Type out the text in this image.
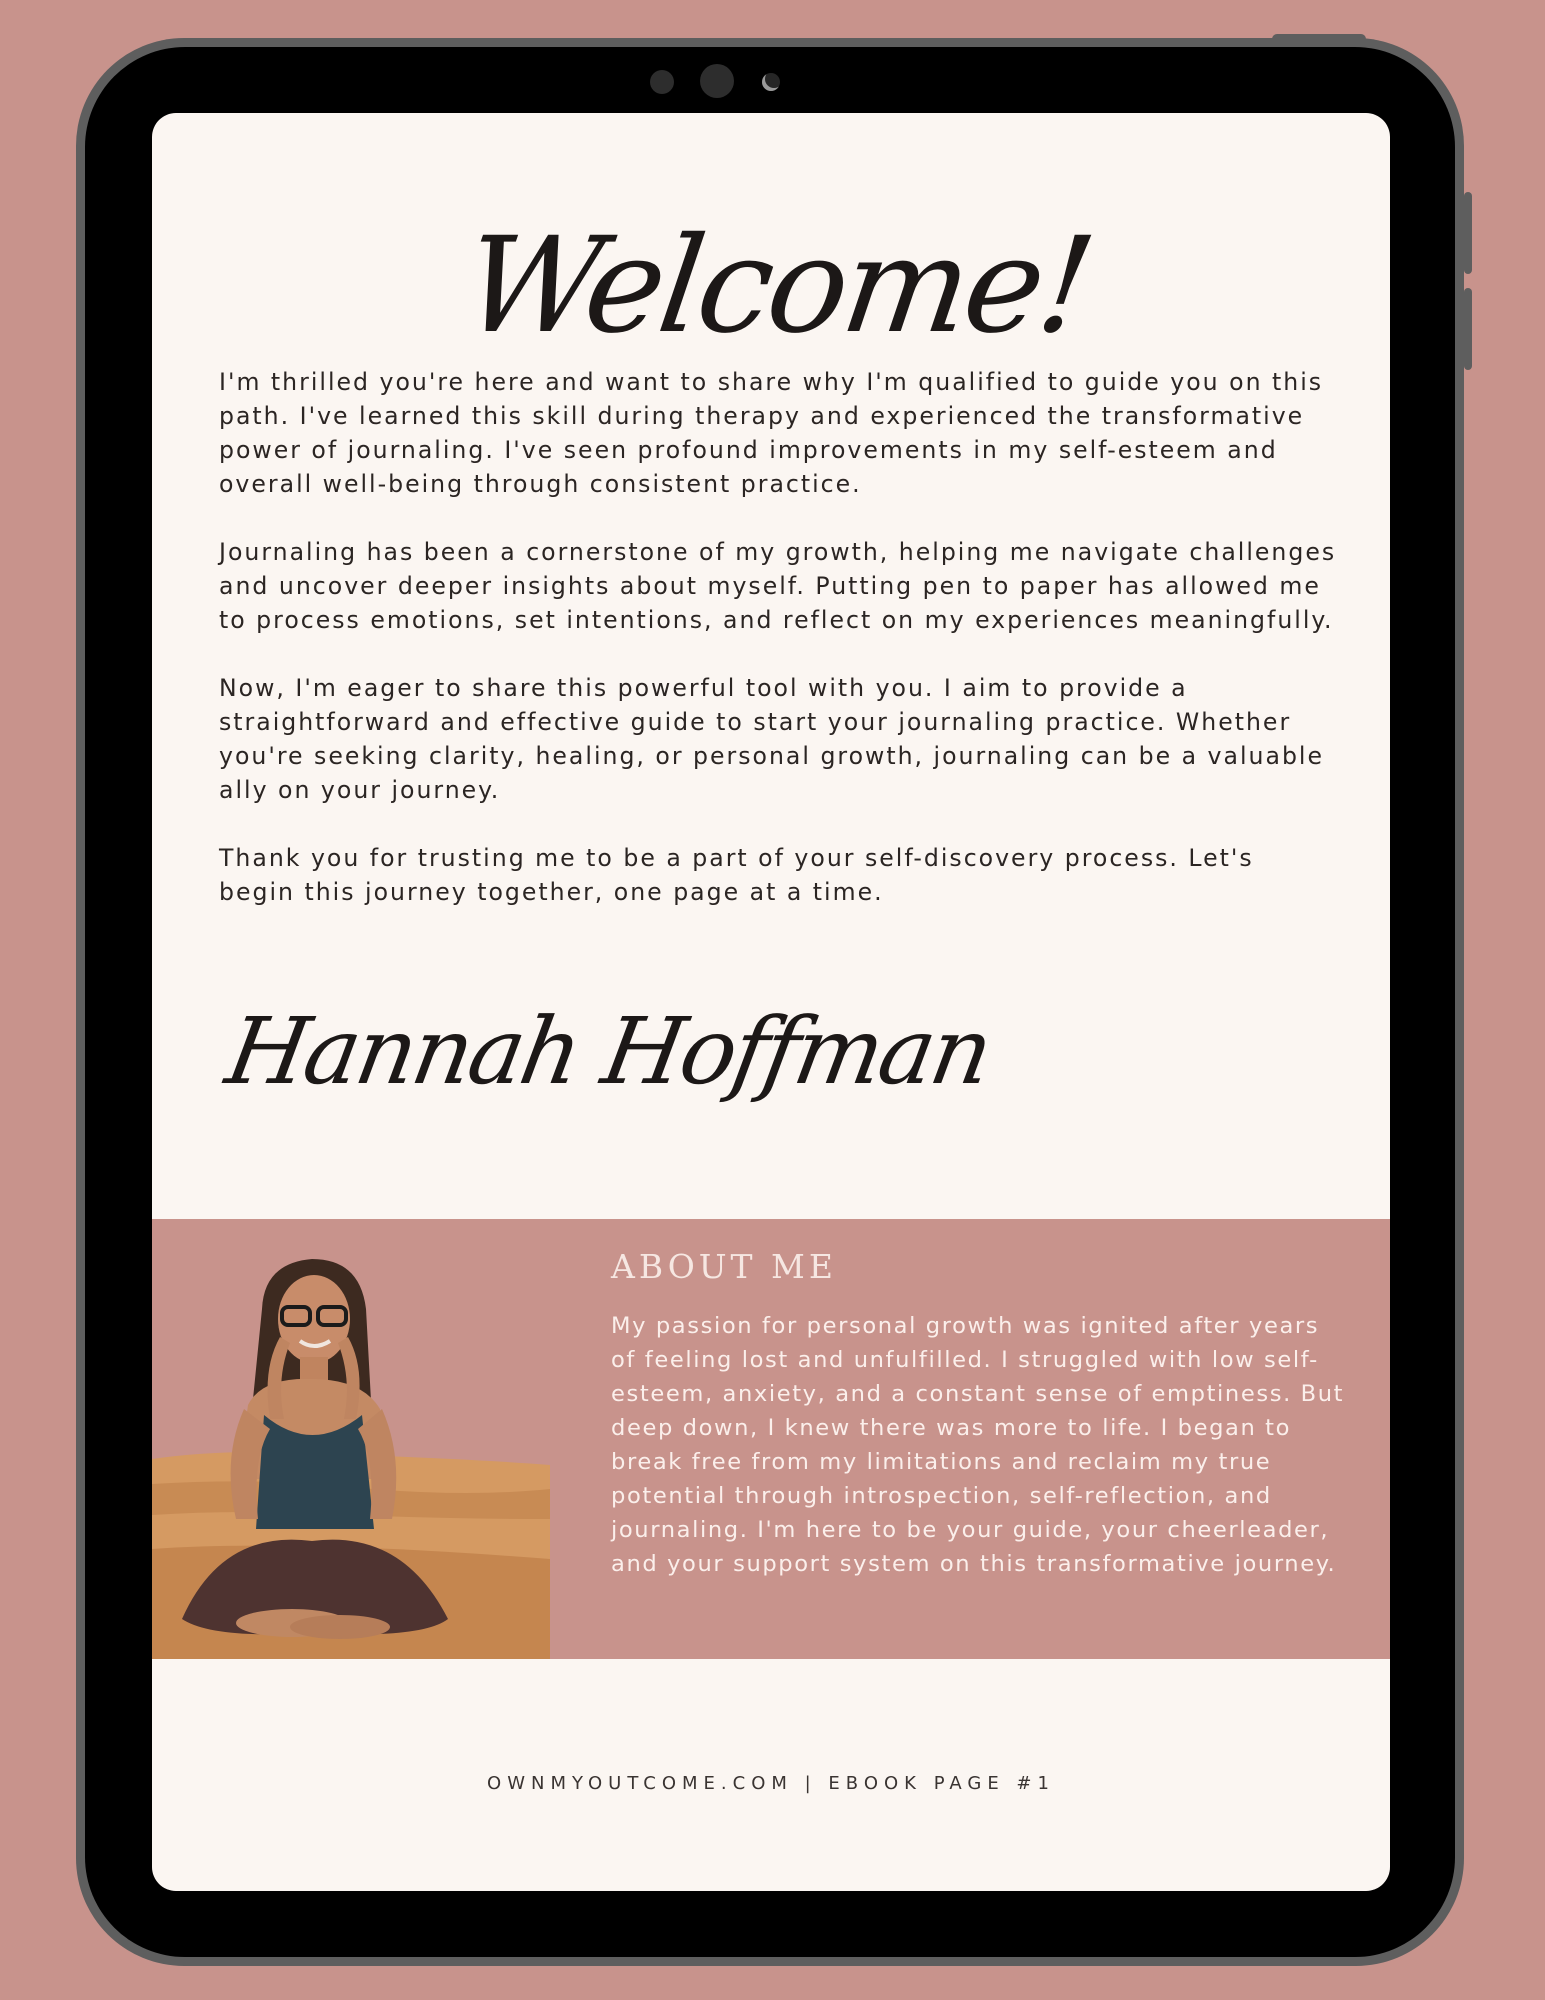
Welcome!

I'm thrilled you're here and want to share why I'm qualified to guide you on this path. I've learned this skill during therapy and experienced the transformative power of journaling. I've seen profound improvements in my self-esteem and overall well-being through consistent practice.

Journaling has been a cornerstone of my growth, helping me navigate challenges and uncover deeper insights about myself. Putting pen to paper has allowed me to process emotions, set intentions, and reflect on my experiences meaningfully.

Now, I'm eager to share this powerful tool with you. I aim to provide a straightforward and effective guide to start your journaling practice. Whether you're seeking clarity, healing, or personal growth, journaling can be a valuable ally on your journey.

Thank you for trusting me to be a part of your self-discovery process. Let's begin this journey together, one page at a time.

Hannah Hoffman
ABOUT ME
My passion for personal growth was ignited after years of feeling lost and unfulfilled. I struggled with low self-esteem, anxiety, and a constant sense of emptiness. But deep down, I knew there was more to life. I began to break free from my limitations and reclaim my true potential through introspection, self-reflection, and journaling. I'm here to be your guide, your cheerleader, and your support system on this transformative journey.
OWNMYOUTCOME.COM | EBOOK PAGE #1
